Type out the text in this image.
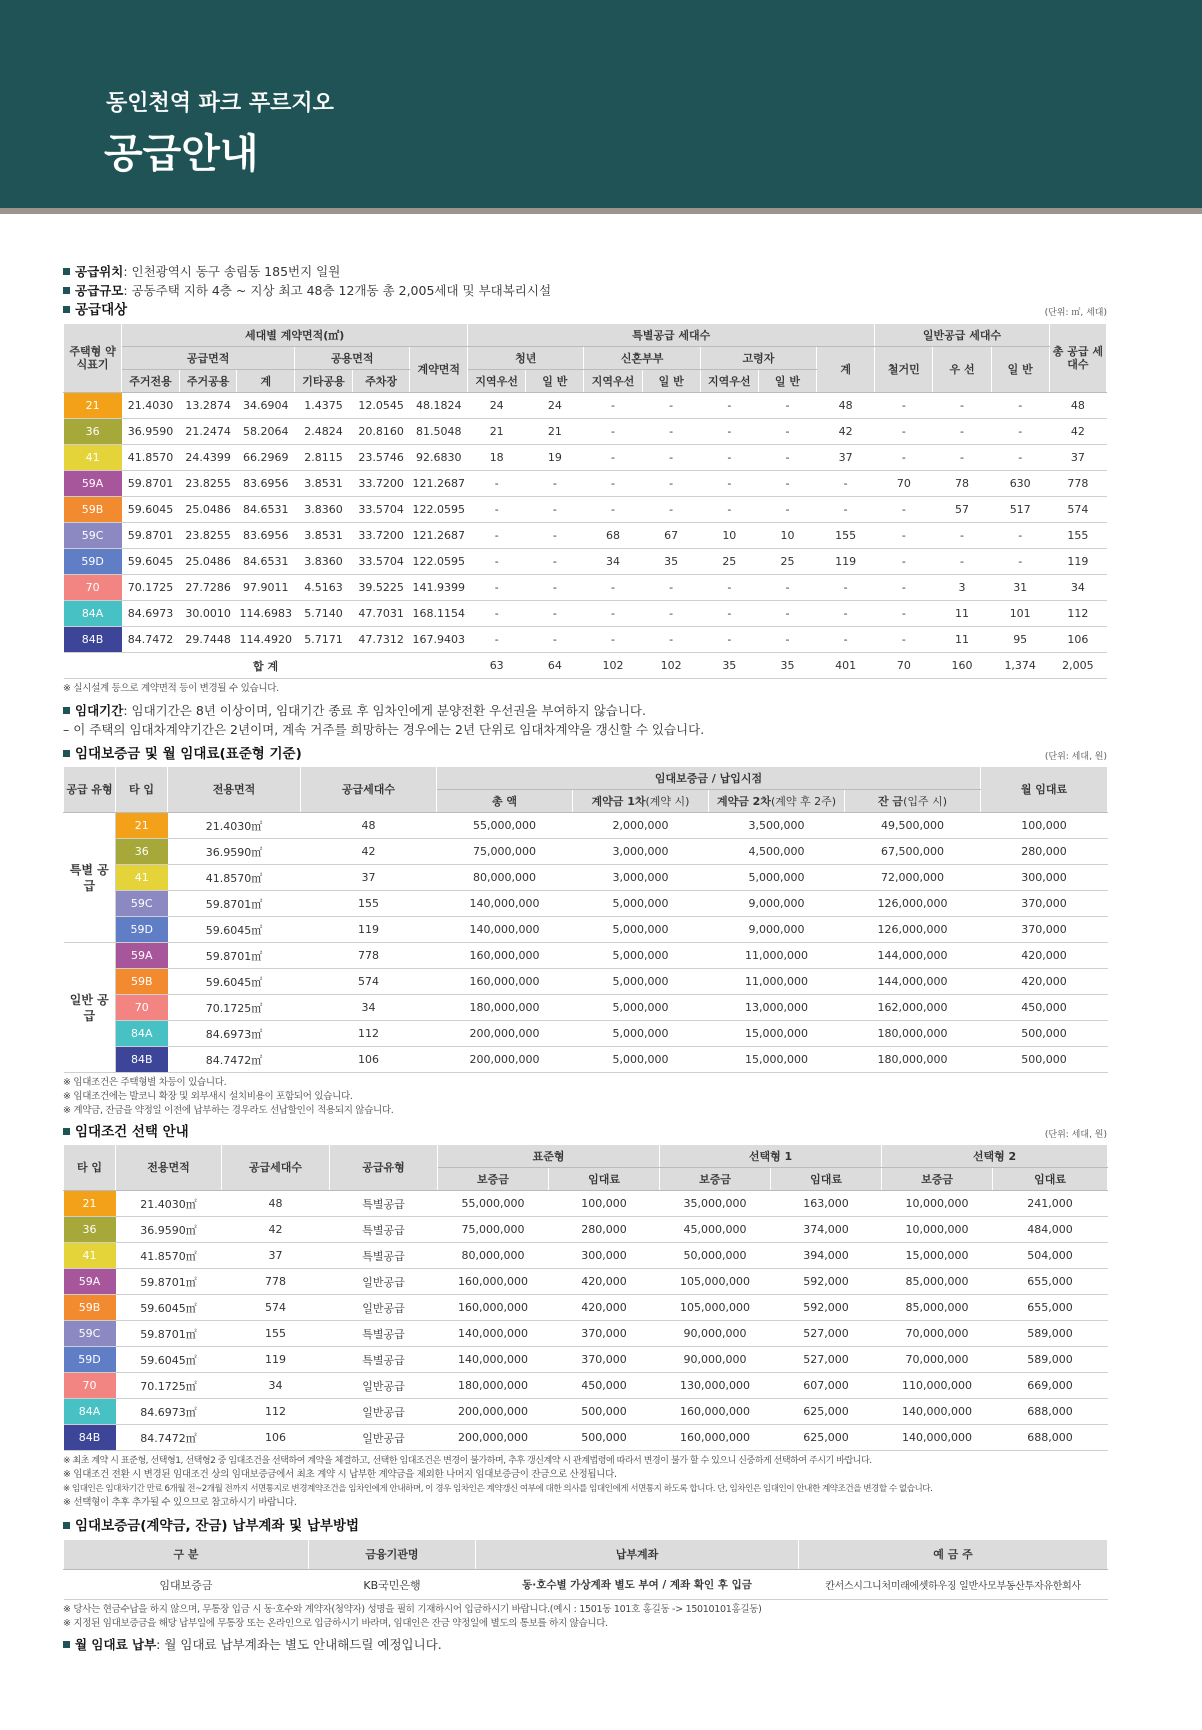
동인천역 파크 푸르지오
공급안내
공급위치: 인천광역시 동구 송림동 185번지 일원
공급규모: 공동주택 지하 4층 ~ 지상 최고 48층 12개동 총 2,005세대 및 부대복리시설
공급대상	(단위: ㎡, 세대)
주택형 약식표기	세대별 계약면적(㎡)						특별공급 세대수							일반공급 세대수			총 공급 세대수
	공급면적			공용면적		계약면적	청년		신혼부부		고령자		계	철거민	우 선	일 반	
	주거전용	주거공용	계	기타공용	주차장		지역우선	일 반	지역우선	일 반	지역우선	일 반					
21	21.4030	13.2874	34.6904	1.4375	12.0545	48.1824	24	24	-	-	-	-	48	-	-	-	48
36	36.9590	21.2474	58.2064	2.4824	20.8160	81.5048	21	21	-	-	-	-	42	-	-	-	42
41	41.8570	24.4399	66.2969	2.8115	23.5746	92.6830	18	19	-	-	-	-	37	-	-	-	37
59A	59.8701	23.8255	83.6956	3.8531	33.7200	121.2687	-	-	-	-	-	-	-	70	78	630	778
59B	59.6045	25.0486	84.6531	3.8360	33.5704	122.0595	-	-	-	-	-	-	-	-	57	517	574
59C	59.8701	23.8255	83.6956	3.8531	33.7200	121.2687	-	-	68	67	10	10	155	-	-	-	155
59D	59.6045	25.0486	84.6531	3.8360	33.5704	122.0595	-	-	34	35	25	25	119	-	-	-	119
70	70.1725	27.7286	97.9011	4.5163	39.5225	141.9399	-	-	-	-	-	-	-	-	3	31	34
84A	84.6973	30.0010	114.6983	5.7140	47.7031	168.1154	-	-	-	-	-	-	-	-	11	101	112
84B	84.7472	29.7448	114.4920	5.7171	47.7312	167.9403	-	-	-	-	-	-	-	-	11	95	106
합 계							63	64	102	102	35	35	401	70	160	1,374	2,005
※ 실시설계 등으로 계약면적 등이 변경될 수 있습니다.
임대기간: 임대기간은 8년 이상이며, 임대기간 종료 후 임차인에게 분양전환 우선권을 부여하지 않습니다.
– 이 주택의 임대차계약기간은 2년이며, 계속 거주를 희망하는 경우에는 2년 단위로 임대차계약을 갱신할 수 있습니다.
임대보증금 및 월 임대료(표준형 기준)	(단위: 세대, 원)
공급 유형	타 입	전용면적	공급세대수	임대보증금 / 납입시점				월 임대료
				총 액	계약금 1차(계약 시)	계약금 2차(계약 후 2주)	잔 금(입주 시)	
특별 공급	21	21.4030㎡	48	55,000,000	2,000,000	3,500,000	49,500,000	100,000
	36	36.9590㎡	42	75,000,000	3,000,000	4,500,000	67,500,000	280,000
	41	41.8570㎡	37	80,000,000	3,000,000	5,000,000	72,000,000	300,000
	59C	59.8701㎡	155	140,000,000	5,000,000	9,000,000	126,000,000	370,000
	59D	59.6045㎡	119	140,000,000	5,000,000	9,000,000	126,000,000	370,000
일반 공급	59A	59.8701㎡	778	160,000,000	5,000,000	11,000,000	144,000,000	420,000
	59B	59.6045㎡	574	160,000,000	5,000,000	11,000,000	144,000,000	420,000
	70	70.1725㎡	34	180,000,000	5,000,000	13,000,000	162,000,000	450,000
	84A	84.6973㎡	112	200,000,000	5,000,000	15,000,000	180,000,000	500,000
	84B	84.7472㎡	106	200,000,000	5,000,000	15,000,000	180,000,000	500,000
※ 임대조건은 주택형별 차등이 있습니다.
※ 임대조건에는 발코니 확장 및 외부새시 설치비용이 포함되어 있습니다.
※ 계약금, 잔금을 약정일 이전에 납부하는 경우라도 선납할인이 적용되지 않습니다.
임대조건 선택 안내	(단위: 세대, 원)
타 입	전용면적	공급세대수	공급유형	표준형		선택형 1		선택형 2	
				보증금	임대료	보증금	임대료	보증금	임대료
21	21.4030㎡	48	특별공급	55,000,000	100,000	35,000,000	163,000	10,000,000	241,000
36	36.9590㎡	42	특별공급	75,000,000	280,000	45,000,000	374,000	10,000,000	484,000
41	41.8570㎡	37	특별공급	80,000,000	300,000	50,000,000	394,000	15,000,000	504,000
59A	59.8701㎡	778	일반공급	160,000,000	420,000	105,000,000	592,000	85,000,000	655,000
59B	59.6045㎡	574	일반공급	160,000,000	420,000	105,000,000	592,000	85,000,000	655,000
59C	59.8701㎡	155	특별공급	140,000,000	370,000	90,000,000	527,000	70,000,000	589,000
59D	59.6045㎡	119	특별공급	140,000,000	370,000	90,000,000	527,000	70,000,000	589,000
70	70.1725㎡	34	일반공급	180,000,000	450,000	130,000,000	607,000	110,000,000	669,000
84A	84.6973㎡	112	일반공급	200,000,000	500,000	160,000,000	625,000	140,000,000	688,000
84B	84.7472㎡	106	일반공급	200,000,000	500,000	160,000,000	625,000	140,000,000	688,000
※ 최초 계약 시 표준형, 선택형1, 선택형2 중 임대조건을 선택하여 계약을 체결하고, 선택한 임대조건은 변경이 불가하며, 추후 갱신계약 시 관계법령에 따라서 변경이 불가 할 수 있으니 신중하게 선택하여 주시기 바랍니다.
※ 임대조건 전환 시 변경된 임대조건 상의 임대보증금에서 최초 계약 시 납부한 계약금을 제외한 나머지 임대보증금이 잔금으로 산정됩니다.
※ 임대인은 임대차기간 만료 6개월 전~2개월 전까지 서면통지로 변경계약조건을 임차인에게 안내하며, 이 경우 임차인은 계약갱신 여부에 대한 의사를 임대인에게 서면통지 하도록 합니다. 단, 임차인은 임대인이 안내한 계약조건을 변경할 수 없습니다.
※ 선택형이 추후 추가될 수 있으므로 참고하시기 바랍니다.
임대보증금(계약금, 잔금) 납부계좌 및 납부방법
구 분	금융기관명	납부계좌	예 금 주
임대보증금	KB국민은행	동·호수별 가상계좌 별도 부여 / 계좌 확인 후 입금	칸서스시그니처미래에셋하우징 일반사모부동산투자유한회사
※ 당사는 현금수납을 하지 않으며, 무통장 입금 시 동·호수와 계약자(청약자) 성명을 필히 기재하시어 입금하시기 바랍니다.(예시 : 1501동 101호 홍길동 -> 15010101홍길동)
※ 지정된 임대보증금을 해당 납부일에 무통장 또는 온라인으로 입금하시기 바라며, 임대인은 잔금 약정일에 별도의 통보를 하지 않습니다.
월 임대료 납부: 월 임대료 납부계좌는 별도 안내해드릴 예정입니다.
